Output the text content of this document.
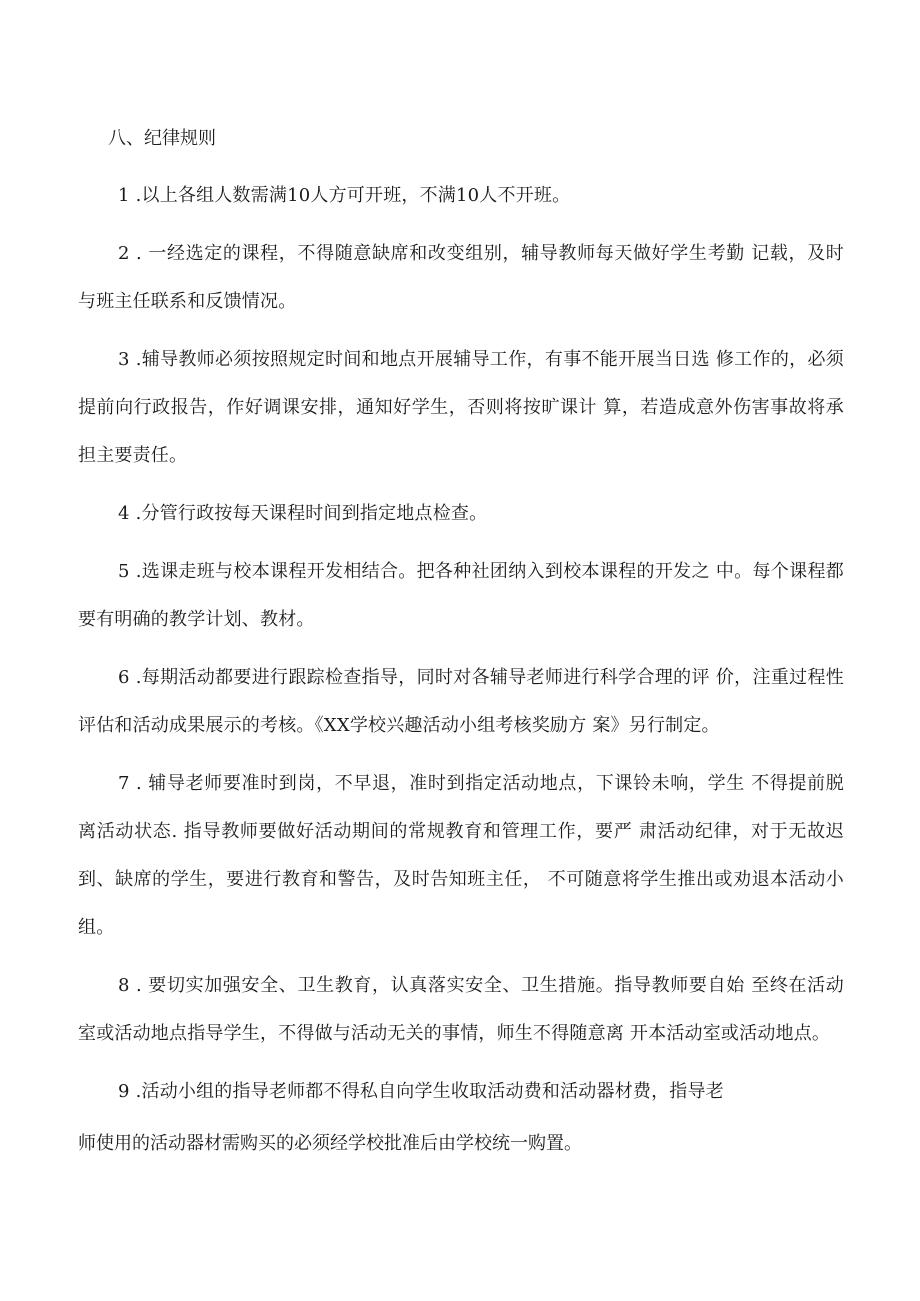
八、纪律规则

1 .以上各组人数需满10人方可开班，不满10人不开班。

2 . 一经选定的课程，不得随意缺席和改变组别，辅导教师每天做好学生考勤 记载，及时与班主任联系和反馈情况。

3 .辅导教师必须按照规定时间和地点开展辅导工作，有事不能开展当日选 修工作的，必须提前向行政报告，作好调课安排，通知好学生，否则将按旷课计 算，若造成意外伤害事故将承担主要责任。

4 .分管行政按每天课程时间到指定地点检查。

5 .选课走班与校本课程开发相结合。把各种社团纳入到校本课程的开发之 中。每个课程都要有明确的教学计划、教材。

6 .每期活动都要进行跟踪检查指导，同时对各辅导老师进行科学合理的评 价，注重过程性评估和活动成果展示的考核。《XX学校兴趣活动小组考核奖励方 案》另行制定。

7 . 辅导老师要准时到岗，不早退，准时到指定活动地点，下课铃未响，学生 不得提前脱离活动状态. 指导教师要做好活动期间的常规教育和管理工作，要严 肃活动纪律，对于无故迟到、缺席的学生，要进行教育和警告，及时告知班主任， 不可随意将学生推出或劝退本活动小组。

8 . 要切实加强安全、卫生教育，认真落实安全、卫生措施。指导教师要自始 至终在活动室或活动地点指导学生，不得做与活动无关的事情，师生不得随意离 开本活动室或活动地点。

9 .活动小组的指导老师都不得私自向学生收取活动费和活动器材费，指导老

师使用的活动器材需购买的必须经学校批准后由学校统一购置。
